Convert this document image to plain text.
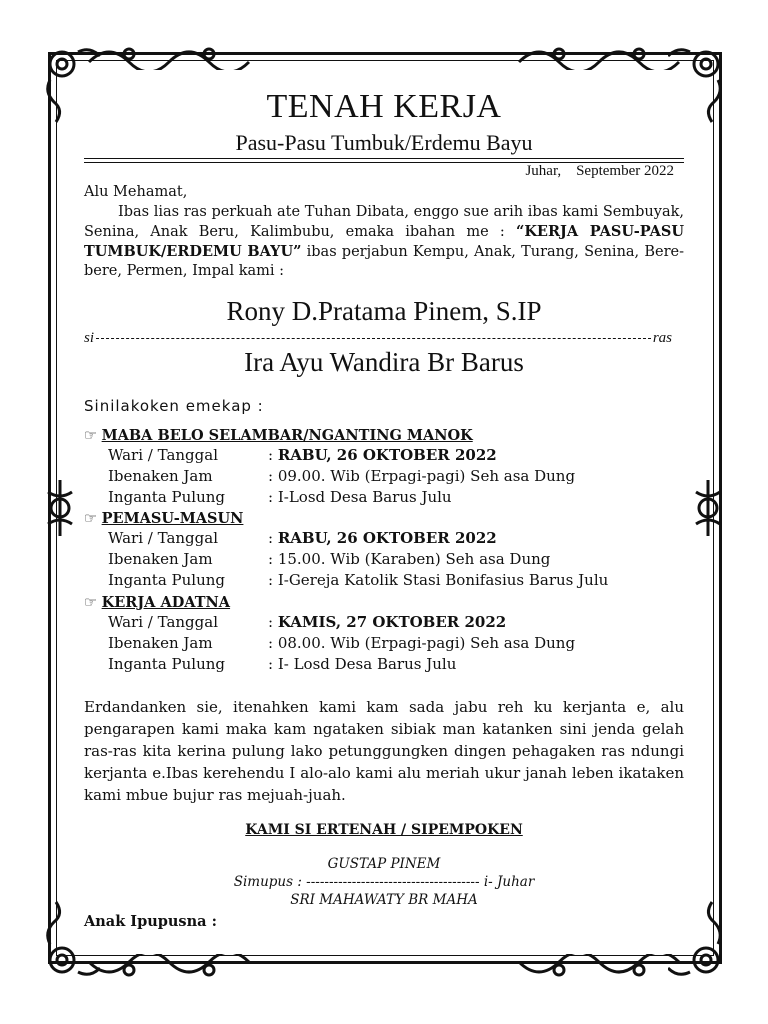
TENAH KERJA
Pasu-Pasu Tumbuk/Erdemu Bayu
Juhar, September 2022
Alu Mehamat,
Ibas lias ras perkuah ate Tuhan Dibata, enggo sue arih ibas kami Sembuyak, Senina, Anak Beru, Kalimbubu, emaka ibahan me : “KERJA PASU-PASU TUMBUK/ERDEMU BAYU” ibas perjabun Kempu, Anak, Turang, Senina, Bere-bere, Permen, Impal kami :
Rony D.Pratama Pinem, S.IP
si	ras
Ira Ayu Wandira Br Barus
Sinilakoken emekap :
☞ MABA BELO SELAMBAR/NGANTING MANOK
Wari / Tanggal	: RABU, 26 OKTOBER 2022
Ibenaken Jam	: 09.00. Wib (Erpagi-pagi) Seh asa Dung
Inganta Pulung	: I-Losd Desa Barus Julu
☞ PEMASU-MASUN
Wari / Tanggal	: RABU, 26 OKTOBER 2022
Ibenaken Jam	: 15.00. Wib (Karaben) Seh asa Dung
Inganta Pulung	: I-Gereja Katolik Stasi Bonifasius Barus Julu
☞ KERJA ADATNA
Wari / Tanggal	: KAMIS, 27 OKTOBER 2022
Ibenaken Jam	: 08.00. Wib (Erpagi-pagi) Seh asa Dung
Inganta Pulung	: I- Losd Desa Barus Julu
Erdandanken sie, itenahken kami kam sada jabu reh ku kerjanta e, alu pengarapen kami maka kam ngataken sibiak man katanken sini jenda gelah ras-ras kita kerina pulung lako petunggungken dingen pehagaken ras ndungi kerjanta e.Ibas kerehendu I alo-alo kami alu meriah ukur janah leben ikataken kami mbue bujur ras mejuah-juah.
KAMI SI ERTENAH / SIPEMPOKEN
GUSTAP PINEM
Simupus : -------------------------------------- i- Juhar
SRI MAHAWATY BR MAHA
Anak Ipupusna :
